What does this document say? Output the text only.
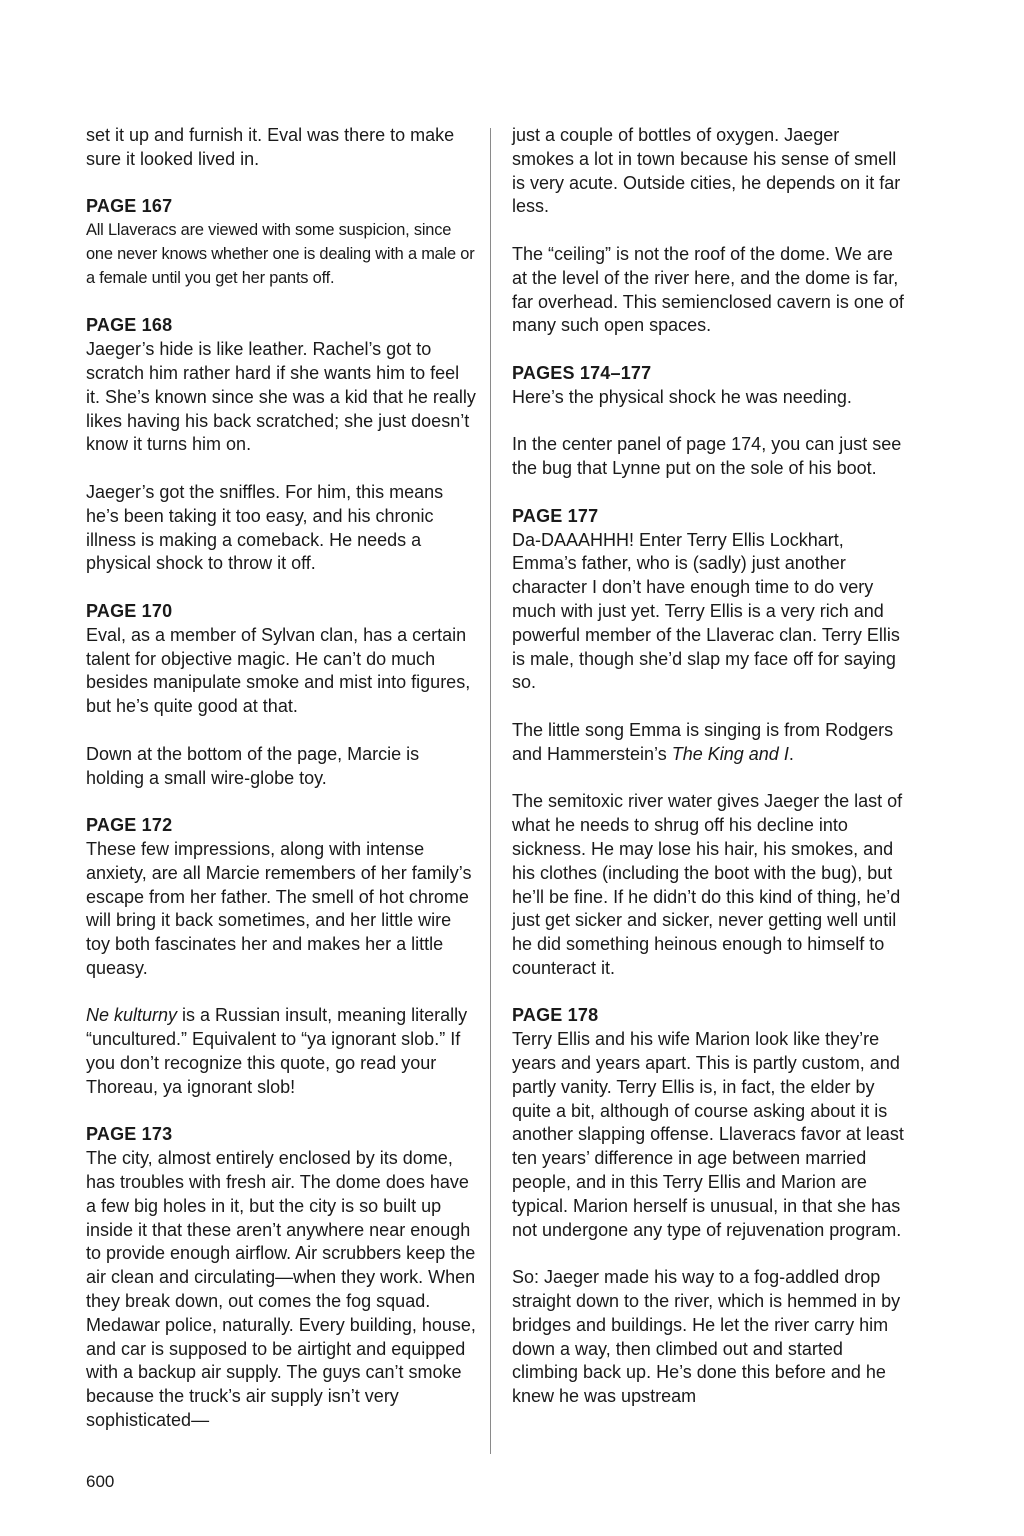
set it up and furnish it. Eval was there to make sure it looked lived in.

PAGE 167

All Llaveracs are viewed with some suspicion, since one never knows whether one is dealing with a male or a female until you get her pants off.

PAGE 168

Jaeger’s hide is like leather. Rachel’s got to scratch him rather hard if she wants him to feel it. She’s known since she was a kid that he really likes having his back scratched; she just doesn’t know it turns him on.

Jaeger’s got the sniffles. For him, this means he’s been taking it too easy, and his chronic illness is making a comeback. He needs a physical shock to throw it off.

PAGE 170

Eval, as a member of Sylvan clan, has a certain talent for objective magic. He can’t do much besides manipulate smoke and mist into figures, but he’s quite good at that.

Down at the bottom of the page, Marcie is holding a small wire-globe toy.

PAGE 172

These few impressions, along with intense anxiety, are all Marcie remembers of her family’s escape from her father. The smell of hot chrome will bring it back sometimes, and her little wire toy both fascinates her and makes her a little queasy.

Ne kulturny is a Russian insult, meaning literally “uncultured.” Equivalent to “ya ignorant slob.” If you don’t recognize this quote, go read your Thoreau, ya ignorant slob!

PAGE 173

The city, almost entirely enclosed by its dome, has troubles with fresh air. The dome does have a few big holes in it, but the city is so built up inside it that these aren’t anywhere near enough to provide enough airflow. Air scrubbers keep the air clean and circulating—when they work. When they break down, out comes the fog squad. Medawar police, naturally. Every building, house, and car is supposed to be airtight and equipped with a backup air supply. The guys can’t smoke because the truck’s air supply isn’t very sophisticated—

just a couple of bottles of oxygen. Jaeger smokes a lot in town because his sense of smell is very acute. Outside cities, he depends on it far less.

The “ceiling” is not the roof of the dome. We are at the level of the river here, and the dome is far, far overhead. This semienclosed cavern is one of many such open spaces.

PAGES 174–177

Here’s the physical shock he was needing.

In the center panel of page 174, you can just see the bug that Lynne put on the sole of his boot.

PAGE 177

Da-DAAAHHH! Enter Terry Ellis Lockhart, Emma’s father, who is (sadly) just another character I don’t have enough time to do very much with just yet. Terry Ellis is a very rich and powerful member of the Llaverac clan. Terry Ellis is male, though she’d slap my face off for saying so.

The little song Emma is singing is from Rodgers and Hammerstein’s The King and I.

The semitoxic river water gives Jaeger the last of what he needs to shrug off his decline into sickness. He may lose his hair, his smokes, and his clothes (including the boot with the bug), but he’ll be fine. If he didn’t do this kind of thing, he’d just get sicker and sicker, never getting well until he did something heinous enough to himself to counteract it.

PAGE 178

Terry Ellis and his wife Marion look like they’re years and years apart. This is partly custom, and partly vanity. Terry Ellis is, in fact, the elder by quite a bit, although of course asking about it is another slapping offense. Llaveracs favor at least ten years’ difference in age between married people, and in this Terry Ellis and Marion are typical. Marion herself is unusual, in that she has not undergone any type of rejuvenation program.

So: Jaeger made his way to a fog-addled drop straight down to the river, which is hemmed in by bridges and buildings. He let the river carry him down a way, then climbed out and started climbing back up. He’s done this before and he knew he was upstream

600
